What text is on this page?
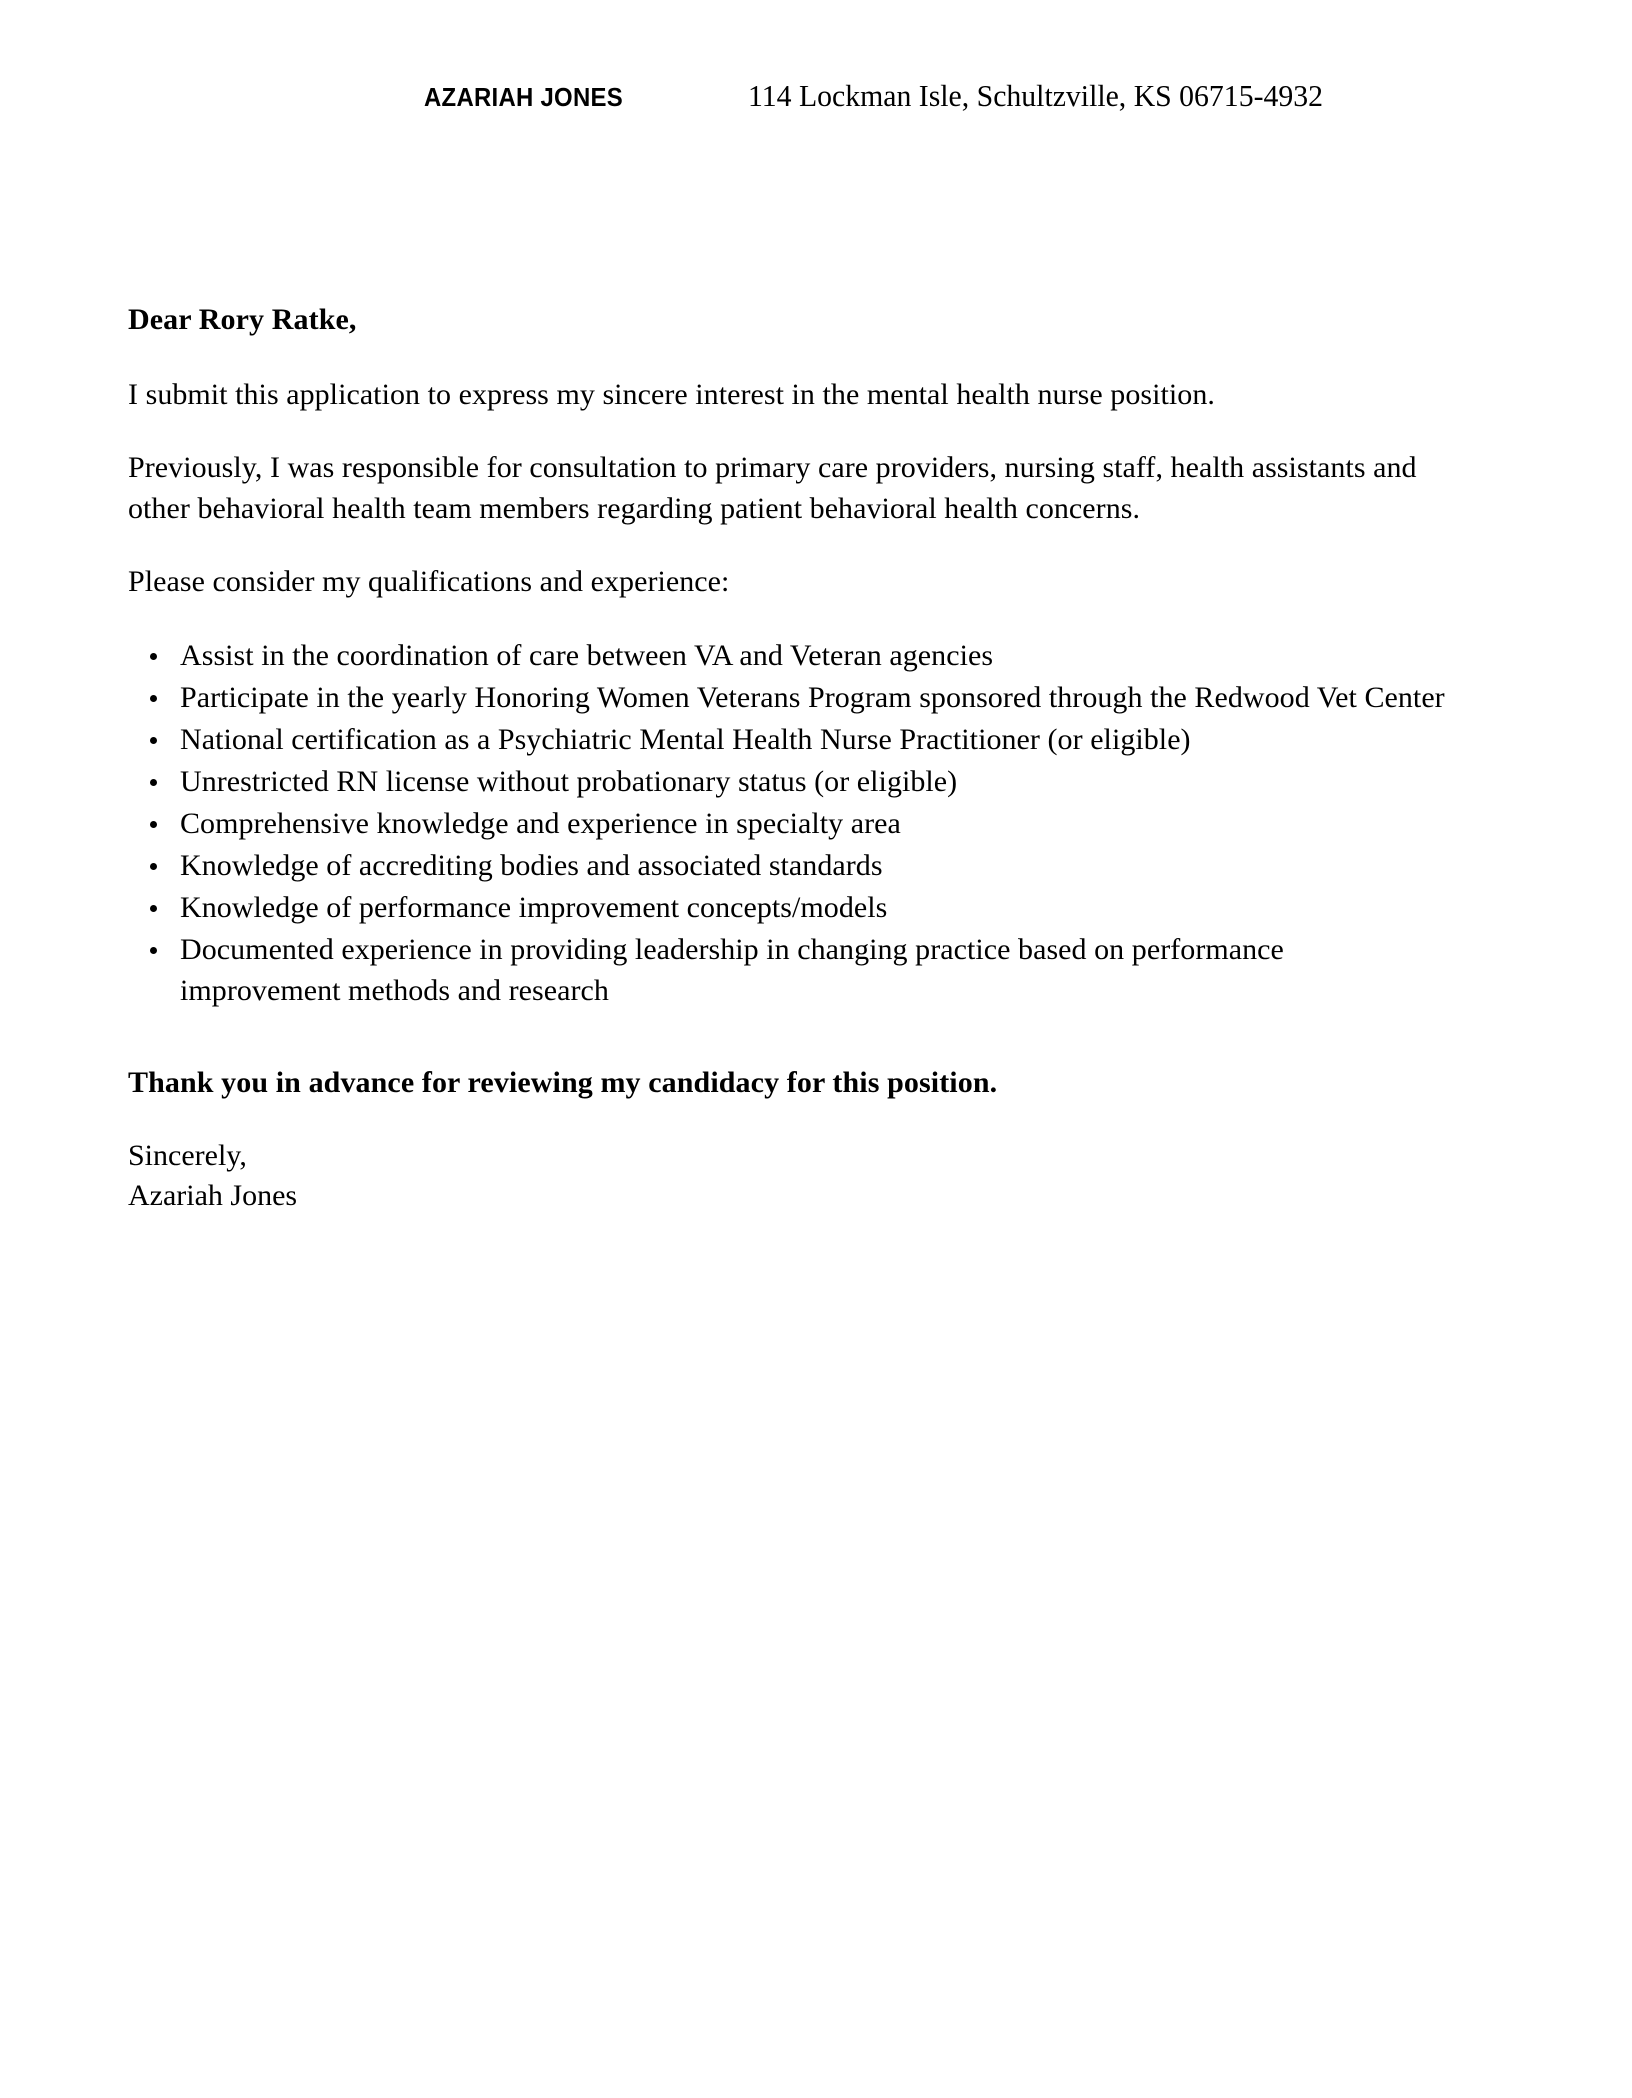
AZARIAH JONES	114 Lockman Isle, Schultzville, KS 06715-4932
Dear Rory Ratke,

I submit this application to express my sincere interest in the mental health nurse position.

Previously, I was responsible for consultation to primary care providers, nursing staff, health assistants and other behavioral health team members regarding patient behavioral health concerns.

Please consider my qualifications and experience:

Assist in the coordination of care between VA and Veteran agencies
Participate in the yearly Honoring Women Veterans Program sponsored through the Redwood Vet Center
National certification as a Psychiatric Mental Health Nurse Practitioner (or eligible)
Unrestricted RN license without probationary status (or eligible)
Comprehensive knowledge and experience in specialty area
Knowledge of accrediting bodies and associated standards
Knowledge of performance improvement concepts/models
Documented experience in providing leadership in changing practice based on performance improvement methods and research
Thank you in advance for reviewing my candidacy for this position.
Sincerely,
Azariah Jones
